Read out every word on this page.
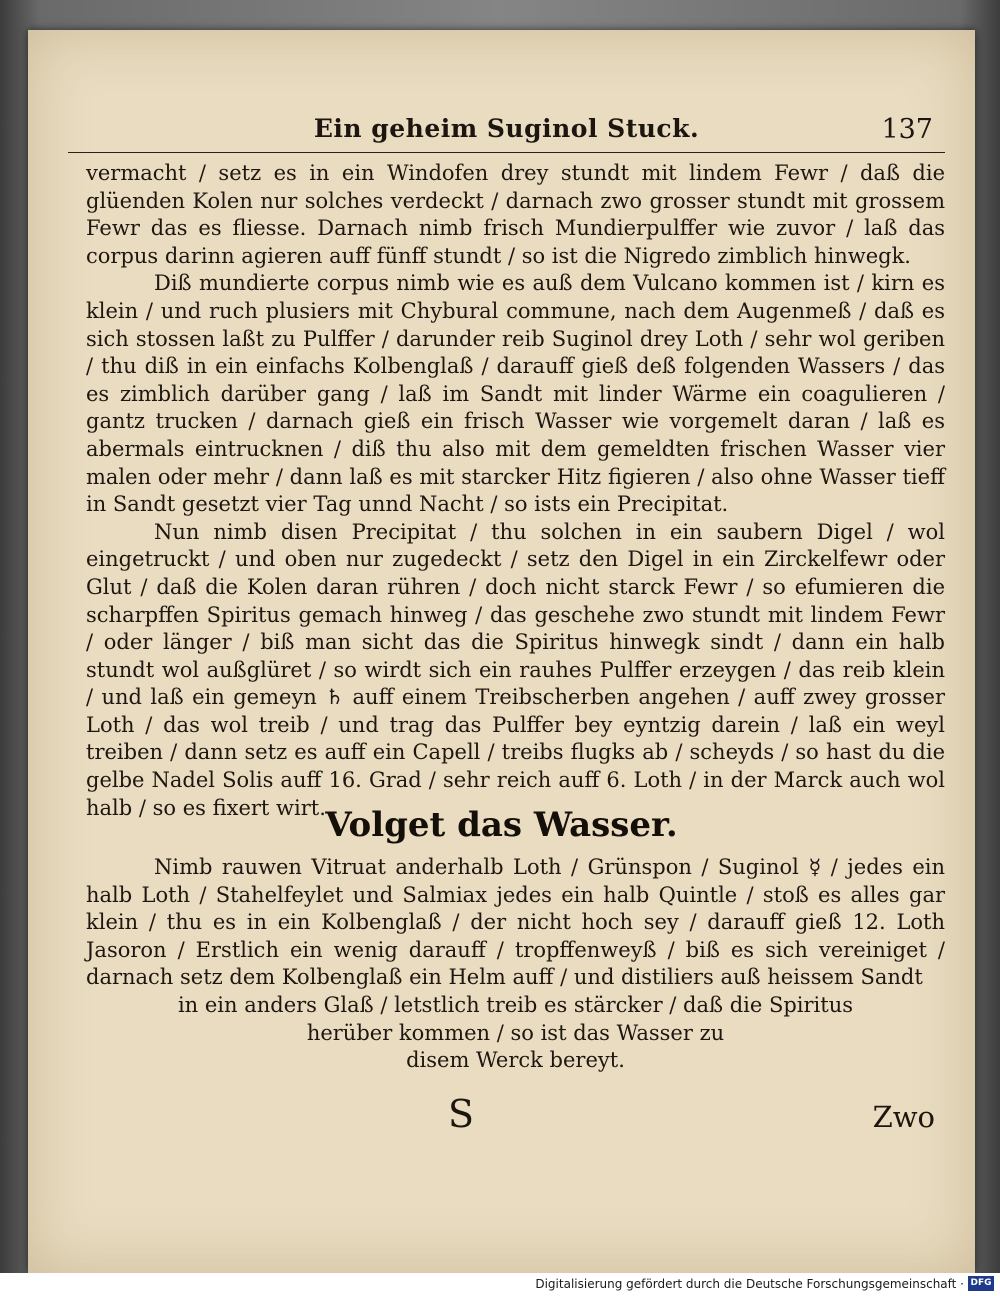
Ein geheim Suginol Stuck.	137

vermacht / setz es in ein Windofen drey stundt mit lindem Fewr / daß die glüenden Kolen nur solches verdeckt / darnach zwo grosser stundt mit grossem Fewr das es fliesse. Darnach nimb frisch Mundierpulffer wie zuvor / laß das corpus darinn agieren auff fünff stundt / so ist die Nigredo zimblich hinwegk.

Diß mundierte corpus nimb wie es auß dem Vulcano kommen ist / kirn es klein / und ruch plusiers mit Chybural commune, nach dem Augenmeß / daß es sich stossen laßt zu Pulffer / darunder reib Suginol drey Loth / sehr wol geriben / thu diß in ein einfachs Kolbenglaß / darauff gieß deß folgenden Wassers / das es zimblich darüber gang / laß im Sandt mit linder Wärme ein coagulieren / gantz trucken / darnach gieß ein frisch Wasser wie vorgemelt daran / laß es abermals eintrucknen / diß thu also mit dem gemeldten frischen Wasser vier malen oder mehr / dann laß es mit starcker Hitz figieren / also ohne Wasser tieff in Sandt gesetzt vier Tag unnd Nacht / so ists ein Precipitat.

Nun nimb disen Precipitat / thu solchen in ein saubern Digel / wol eingetruckt / und oben nur zugedeckt / setz den Digel in ein Zirckelfewr oder Glut / daß die Kolen daran rühren / doch nicht starck Fewr / so efumieren die scharpffen Spiritus gemach hinweg / das geschehe zwo stundt mit lindem Fewr / oder länger / biß man sicht das die Spiritus hinwegk sindt / dann ein halb stundt wol außglüret / so wirdt sich ein rauhes Pulffer erzeygen / das reib klein / und laß ein gemeyn ♄ auff einem Treibscherben angehen / auff zwey grosser Loth / das wol treib / und trag das Pulffer bey eyntzig darein / laß ein weyl treiben / dann setz es auff ein Capell / treibs flugks ab / scheyds / so hast du die gelbe Nadel Solis auff 16. Grad / sehr reich auff 6. Loth / in der Marck auch wol halb / so es fixert wirt. Volget das Wasser.

Nimb rauwen Vitruat anderhalb Loth / Grünspon / Suginol ☿ / jedes ein halb Loth / Stahelfeylet und Salmiax jedes ein halb Quintle / stoß es alles gar klein / thu es in ein Kolbenglaß / der nicht hoch sey / darauff gieß 12. Loth Jasoron / Erstlich ein wenig darauff / tropffenweyß / biß es sich vereiniget / darnach setz dem Kolbenglaß ein Helm auff / und distiliers auß heissem Sandt

in ein anders Glaß / letstlich treib es stärcker / daß die Spiritus
herüber kommen / so ist das Wasser zu
disem Werck bereyt.
S	Zwo
Digitalisierung gefördert durch die Deutsche Forschungsgemeinschaft · DFG
